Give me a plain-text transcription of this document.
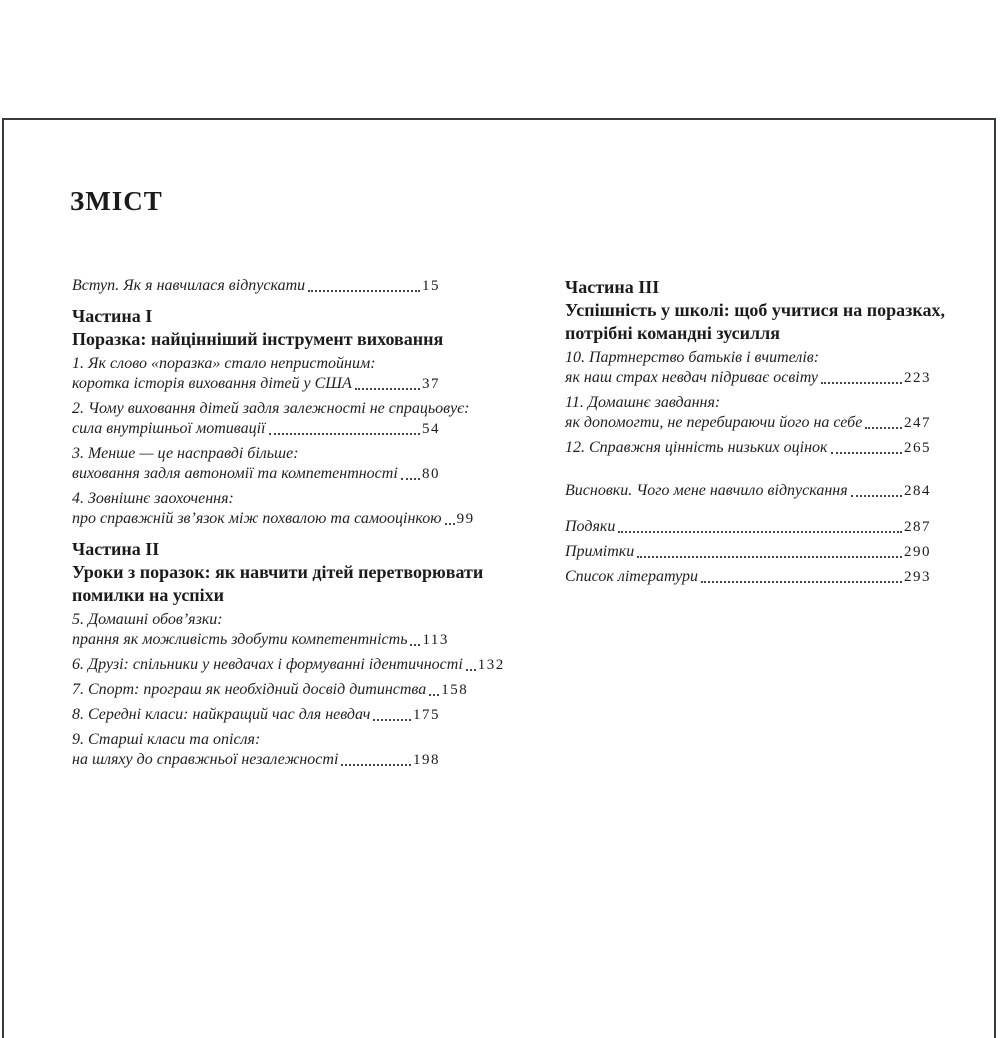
ЗМІСТ
Вступ. Як я навчилася відпускати	15
Частина I
Поразка: найцінніший інструмент виховання
1. Як слово «поразка» стало непристойним:
коротка історія виховання дітей у США	37
2. Чому виховання дітей задля залежності не спрацьовує:
сила внутрішньої мотивації	54
3. Менше — це насправді більше:
виховання задля автономії та компетентності 80
4. Зовнішнє заохочення:
про справжній зв’язок між похвалою та самооцінкою 99
Частина II
Уроки з поразок: як навчити дітей перетворювати
помилки на успіхи
5. Домашні обов’язки:
прання як можливість здобути компетентність 113
6. Друзі: спільники у невдачах і формуванні ідентичності 132
7. Спорт: програш як необхідний досвід дитинства 158
8. Середні класи: найкращий час для невдач	175
9. Старші класи та опісля:
на шляху до справжньої незалежності	198
Частина III
Успішність у школі: щоб учитися на поразках,
потрібні командні зусилля
10. Партнерство батьків і вчителів:
як наш страх невдач підриває освіту	223
11. Домашнє завдання:
як допомогти, не перебираючи його на себе	247
12. Справжня цінність низьких оцінок	265
Висновки. Чого мене навчило відпускання	284
Подяки	287
Примітки	290
Список літератури	293
